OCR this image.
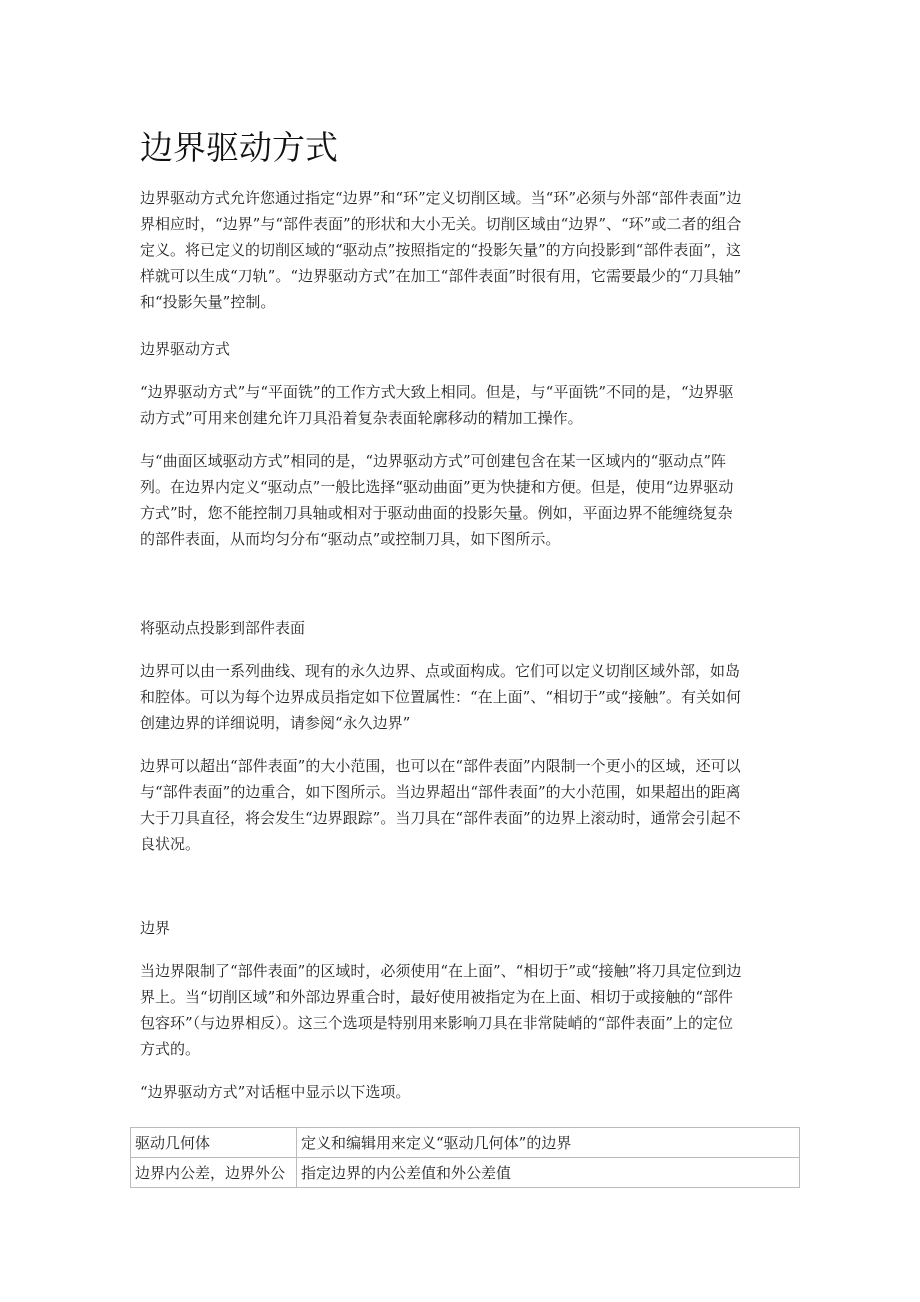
边界驱动方式
边界驱动方式允许您通过指定“边界”和“环”定义切削区域。当“环”必须与外部“部件表面”边
界相应时，“边界”与“部件表面”的形状和大小无关。切削区域由“边界”、“环”或二者的组合
定义。将已定义的切削区域的“驱动点”按照指定的“投影矢量”的方向投影到“部件表面”，这
样就可以生成“刀轨”。“边界驱动方式”在加工“部件表面”时很有用，它需要最少的“刀具轴”
和“投影矢量”控制。
边界驱动方式
“边界驱动方式”与“平面铣”的工作方式大致上相同。但是，与“平面铣”不同的是，“边界驱
动方式”可用来创建允许刀具沿着复杂表面轮廓移动的精加工操作。
与“曲面区域驱动方式”相同的是，“边界驱动方式”可创建包含在某一区域内的“驱动点”阵
列。在边界内定义“驱动点”一般比选择“驱动曲面”更为快捷和方便。但是，使用“边界驱动
方式”时，您不能控制刀具轴或相对于驱动曲面的投影矢量。例如，平面边界不能缠绕复杂
的部件表面，从而均匀分布“驱动点”或控制刀具，如下图所示。
将驱动点投影到部件表面
边界可以由一系列曲线、现有的永久边界、点或面构成。它们可以定义切削区域外部，如岛
和腔体。可以为每个边界成员指定如下位置属性：“在上面”、“相切于”或“接触”。有关如何
创建边界的详细说明，请参阅“永久边界”
边界可以超出“部件表面”的大小范围，也可以在“部件表面”内限制一个更小的区域，还可以
与“部件表面”的边重合，如下图所示。当边界超出“部件表面”的大小范围，如果超出的距离
大于刀具直径，将会发生“边界跟踪”。当刀具在“部件表面”的边界上滚动时，通常会引起不
良状况。
边界
当边界限制了“部件表面”的区域时，必须使用“在上面”、“相切于”或“接触”将刀具定位到边
界上。当“切削区域”和外部边界重合时，最好使用被指定为在上面、相切于或接触的“部件
包容环”（与边界相反）。这三个选项是特别用来影响刀具在非常陡峭的“部件表面”上的定位
方式的。
“边界驱动方式”对话框中显示以下选项。
驱动几何体	定义和编辑用来定义“驱动几何体”的边界
边界内公差，边界外公	指定边界的内公差值和外公差值
